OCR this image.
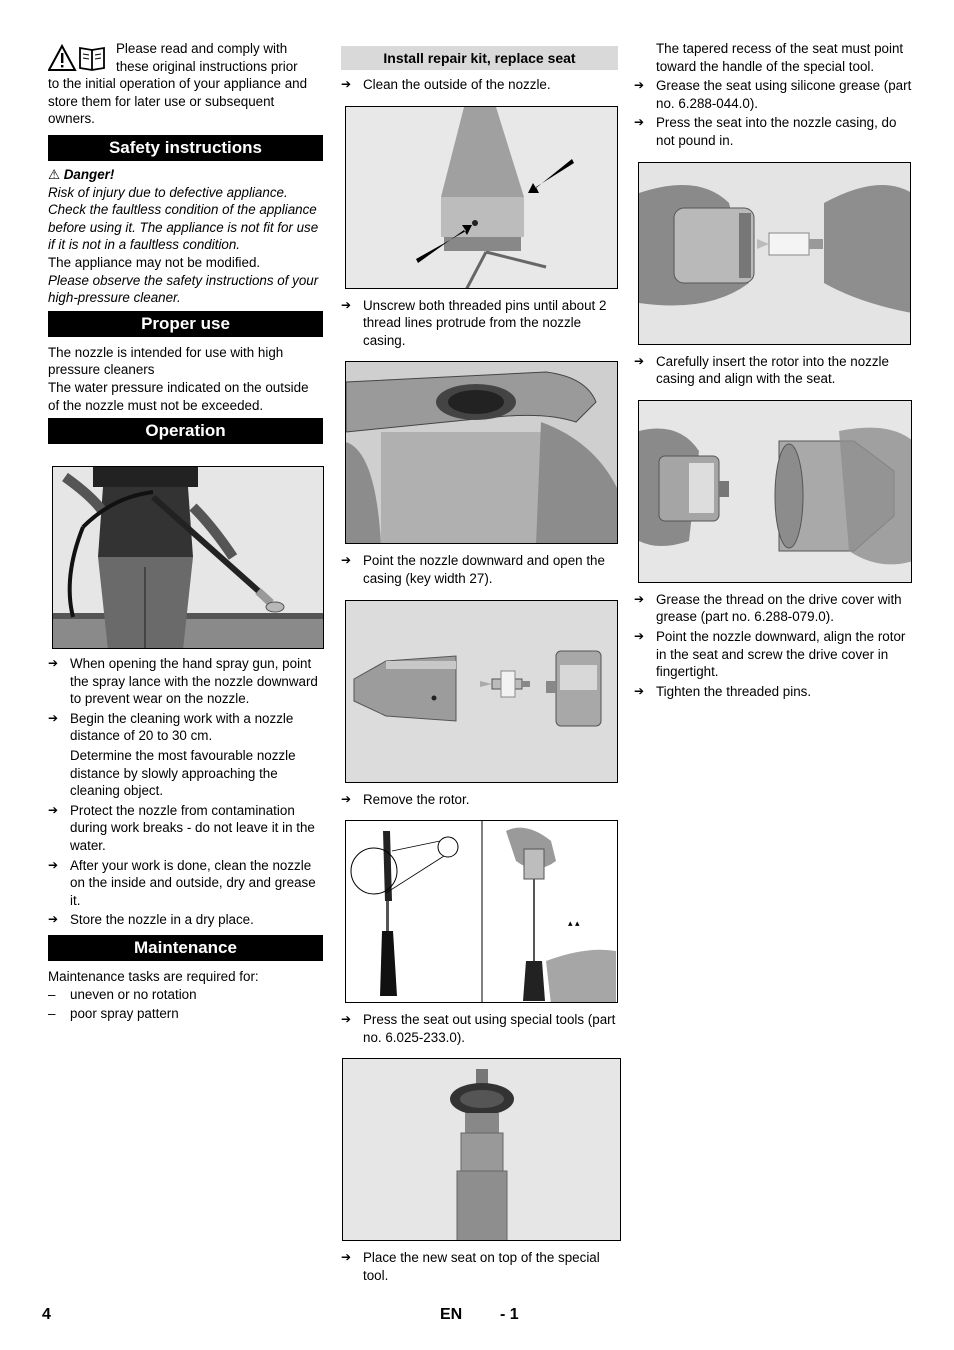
Please read and comply with

these original instructions prior

to the initial operation of your appliance and store them for later use or subsequent owners.

Safety instructions

⚠ Danger!

Risk of injury due to defective appliance. Check the faultless condition of the appliance before using it. The appliance is not fit for use if it is not in a faultless condition.

The appliance may not be modified.

Please observe the safety instructions of your high-pressure cleaner.

Proper use

The nozzle is intended for use with high pressure cleaners

The water pressure indicated on the outside of the nozzle must not be exceeded.

Operation
➔ When opening the hand spray gun, point the spray lance with the nozzle downward to prevent wear on the nozzle.
➔ Begin the cleaning work with a nozzle distance of 20 to 30 cm.
Determine the most favourable nozzle distance by slowly approaching the cleaning object.
➔ Protect the nozzle from contamination during work breaks - do not leave it in the water.
➔ After your work is done, clean the nozzle on the inside and outside, dry and grease it.
➔ Store the nozzle in a dry place.
Maintenance

Maintenance tasks are required for:

– uneven or no rotation
– poor spray pattern
Install repair kit, replace seat
➔ Clean the outside of the nozzle.
➔ Unscrew both threaded pins until about 2 thread lines protrude from the nozzle casing.
➔ Point the nozzle downward and open the casing (key width 27).
➔ Remove the rotor.
▴ ▴
➔ Press the seat out using special tools (part no. 6.025-233.0).
➔ Place the new seat on top of the special tool.
The tapered recess of the seat must point toward the handle of the special tool.
➔ Grease the seat using silicone grease (part no. 6.288-044.0).
➔ Press the seat into the nozzle casing, do not pound in.
➔ Carefully insert the rotor into the nozzle casing and align with the seat.
➔ Grease the thread on the drive cover with grease (part no. 6.288-079.0).
➔ Point the nozzle downward, align the rotor in the seat and screw the drive cover in fingertight.
➔ Tighten the threaded pins.
4	EN - 1
